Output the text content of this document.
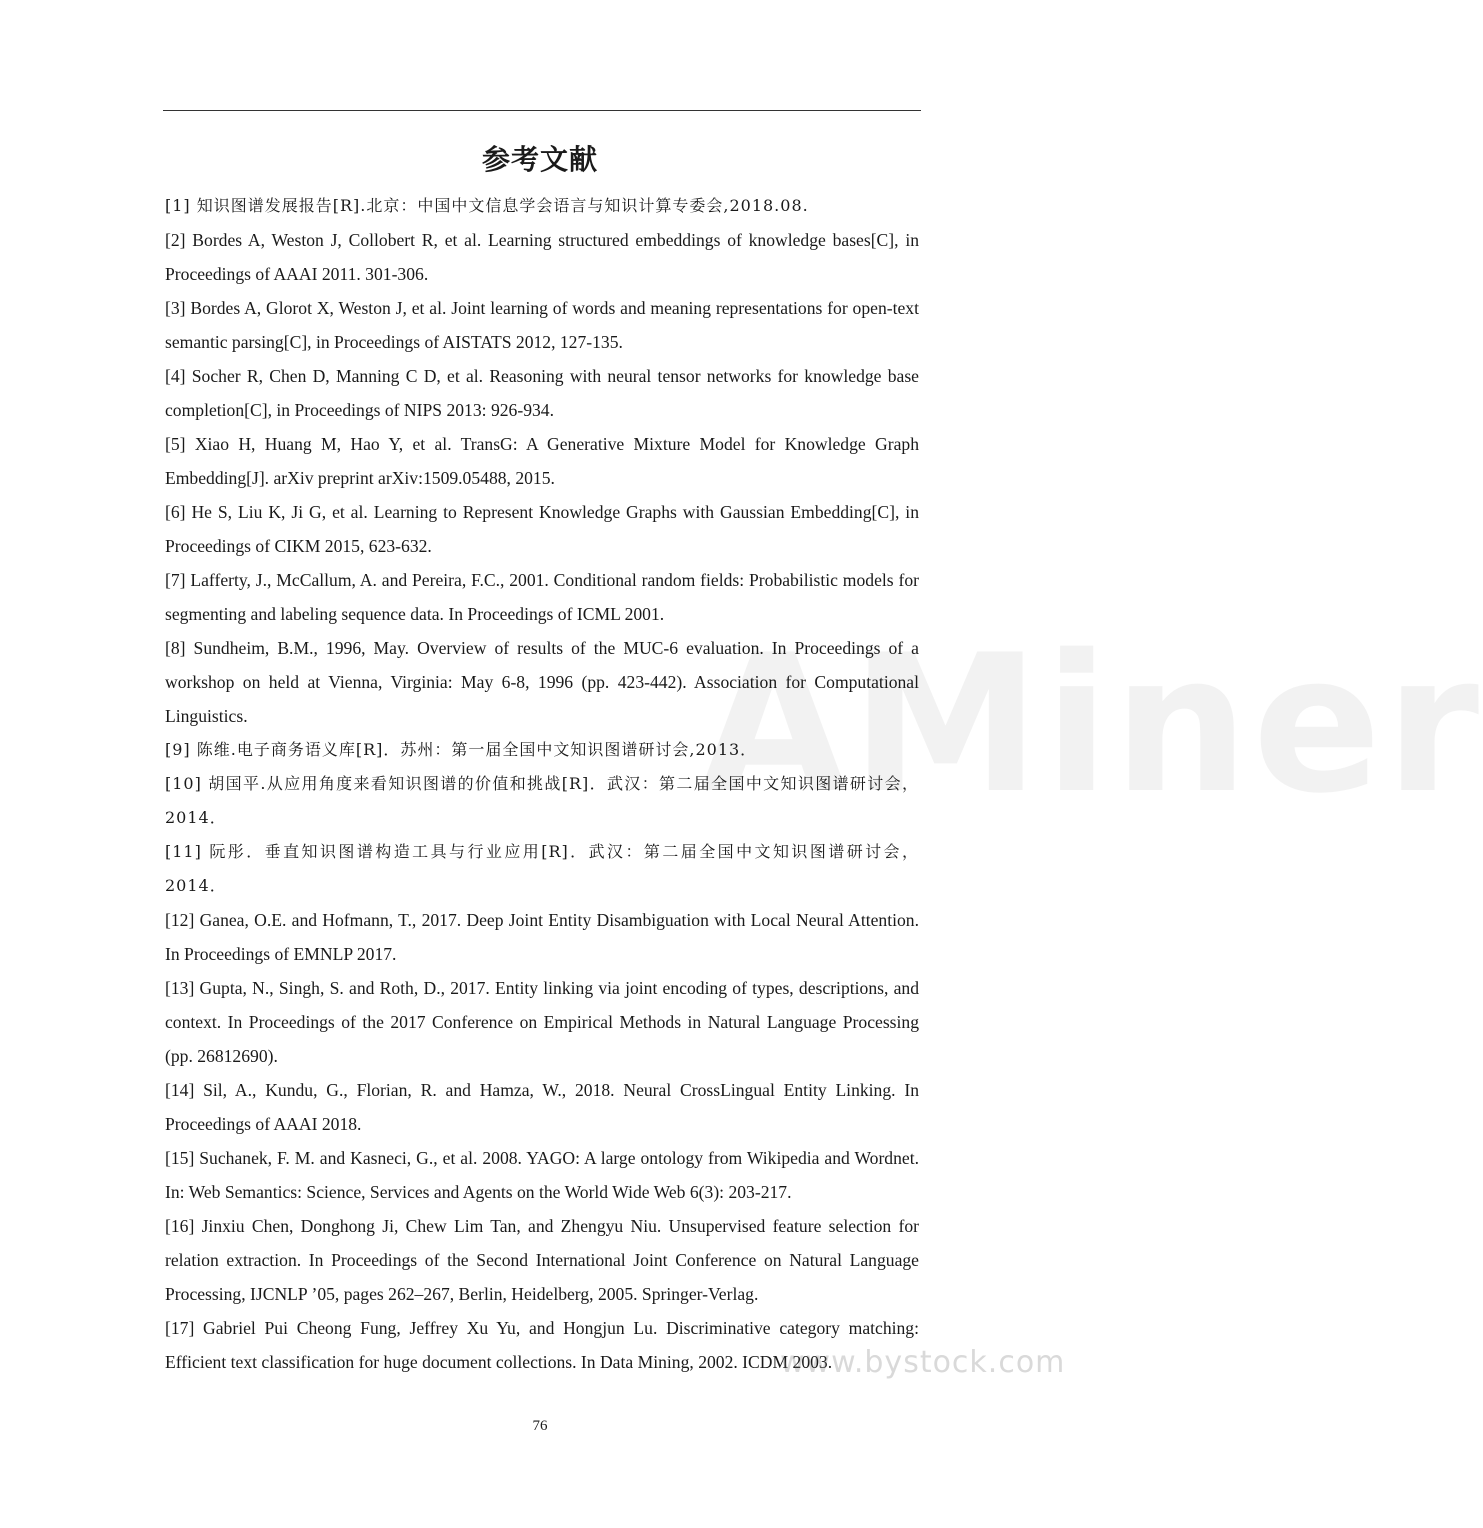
AMiner
参考文献

[1] 知识图谱发展报告[R].北京：中国中文信息学会语言与知识计算专委会,2018.08.

[2] Bordes A, Weston J, Collobert R, et al. Learning structured embeddings of knowledge bases[C], in Proceedings of AAAI 2011. 301-306.

[3] Bordes A, Glorot X, Weston J, et al. Joint learning of words and meaning representations for open-text semantic parsing[C], in Proceedings of AISTATS 2012, 127-135.

[4] Socher R, Chen D, Manning C D, et al. Reasoning with neural tensor networks for knowledge base completion[C], in Proceedings of NIPS 2013: 926-934.

[5] Xiao H, Huang M, Hao Y, et al. TransG: A Generative Mixture Model for Knowledge Graph Embedding[J]. arXiv preprint arXiv:1509.05488, 2015.

[6] He S, Liu K, Ji G, et al. Learning to Represent Knowledge Graphs with Gaussian Embedding[C], in Proceedings of CIKM 2015, 623-632.

[7] Lafferty, J., McCallum, A. and Pereira, F.C., 2001. Conditional random fields: Probabilistic models for segmenting and labeling sequence data. In Proceedings of ICML 2001.

[8] Sundheim, B.M., 1996, May. Overview of results of the MUC-6 evaluation. In Proceedings of a workshop on held at Vienna, Virginia: May 6-8, 1996 (pp. 423-442). Association for Computational Linguistics.

[9] 陈维.电子商务语义库[R]．苏州：第一届全国中文知识图谱研讨会,2013．

[10] 胡国平.从应用角度来看知识图谱的价值和挑战[R]．武汉：第二届全国中文知识图谱研讨会，2014．

[11] 阮彤．垂直知识图谱构造工具与行业应用[R]．武汉：第二届全国中文知识图谱研讨会，2014．

[12] Ganea, O.E. and Hofmann, T., 2017. Deep Joint Entity Disambiguation with Local Neural Attention. In Proceedings of EMNLP 2017.

[13] Gupta, N., Singh, S. and Roth, D., 2017. Entity linking via joint encoding of types, descriptions, and context. In Proceedings of the 2017 Conference on Empirical Methods in Natural Language Processing (pp. 26812690).

[14] Sil, A., Kundu, G., Florian, R. and Hamza, W., 2018. Neural CrossLingual Entity Linking. In Proceedings of AAAI 2018.

[15] Suchanek, F. M. and Kasneci, G., et al. 2008. YAGO: A large ontology from Wikipedia and Wordnet. In: Web Semantics: Science, Services and Agents on the World Wide Web 6(3): 203-217.

[16] Jinxiu Chen, Donghong Ji, Chew Lim Tan, and Zhengyu Niu. Unsupervised feature selection for relation extraction. In Proceedings of the Second International Joint Conference on Natural Language Processing, IJCNLP ’05, pages 262–267, Berlin, Heidelberg, 2005. Springer-Verlag.

[17] Gabriel Pui Cheong Fung, Jeffrey Xu Yu, and Hongjun Lu. Discriminative category matching: Efficient text classification for huge document collections. In Data Mining, 2002. ICDM 2003.

www.bystock.com
76
